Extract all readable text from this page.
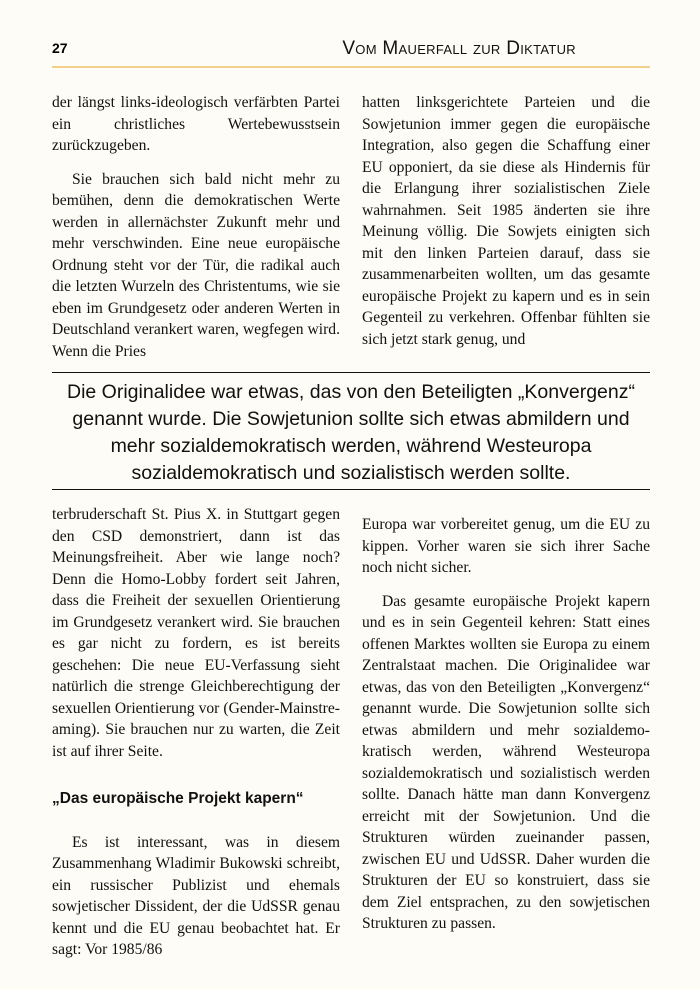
27	Vom Mauerfall zur Diktatur

der längst links-ideologisch verfärbten Partei ein christliches Wertebewusstsein zurückzugeben.

Sie brauchen sich bald nicht mehr zu bemühen, denn die demokratischen Werte werden in allernächster Zukunft mehr und mehr verschwinden. Eine neue europäische Ordnung steht vor der Tür, die radikal auch die letzten Wurzeln des Christentums, wie sie eben im Grundgesetz oder anderen Werten in Deutschland verankert waren, wegfegen wird. Wenn die Pries

hatten linksgerichtete Parteien und die Sowjetunion immer gegen die europäische Integration, also gegen die Schaffung einer EU opponiert, da sie diese als Hindernis für die Erlangung ihrer sozialistischen Ziele wahrnahmen. Seit 1985 änderten sie ihre Meinung völlig. Die Sowjets einigten sich mit den linken Parteien darauf, dass sie zusammenarbeiten wollten, um das gesamte europäische Projekt zu kapern und es in sein Gegenteil zu verkehren. Offenbar fühlten sie sich jetzt stark genug, und

Die Originalidee war etwas, das von den Beteiligten „Konvergenz“ genannt wurde. Die Sowjetunion sollte sich etwas abmildern und mehr sozialdemokratisch werden, während Westeuropa sozialdemokratisch und sozialistisch werden sollte.

terbruderschaft St. Pius X. in Stuttgart gegen den CSD demonstriert, dann ist das Meinungsfreiheit. Aber wie lange noch? Denn die Homo-Lobby fordert seit Jahren, dass die Freiheit der sexuellen Orientierung im Grundgesetz verankert wird. Sie brauchen es gar nicht zu fordern, es ist bereits geschehen: Die neue EU-Verfassung sieht natürlich die strenge Gleichberechtigung der sexuellen Orientierung vor (Gender-Mainstreaming). Sie brauchen nur zu warten, die Zeit ist auf ihrer Seite.

„Das europäische Projekt kapern“

Es ist interessant, was in diesem Zusammenhang Wladimir Bukowski schreibt, ein russischer Publizist und ehemals sowjetischer Dissident, der die UdSSR genau kennt und die EU genau beobachtet hat. Er sagt: Vor 1985/86

Europa war vorbereitet genug, um die EU zu kippen. Vorher waren sie sich ihrer Sache noch nicht sicher.

Das gesamte europäische Projekt kapern und es in sein Gegenteil kehren: Statt eines offenen Marktes wollten sie Europa zu einem Zentralstaat machen. Die Originalidee war etwas, das von den Beteiligten „Konvergenz“ genannt wurde. Die Sowjetunion sollte sich etwas abmildern und mehr sozialdemokratisch werden, während Westeuropa sozialdemokratisch und sozialistisch werden sollte. Danach hätte man dann Konvergenz erreicht mit der Sowjetunion. Und die Strukturen würden zueinander passen, zwischen EU und UdSSR. Daher wurden die Strukturen der EU so konstruiert, dass sie dem Ziel entsprachen, zu den sowjetischen Strukturen zu passen.
